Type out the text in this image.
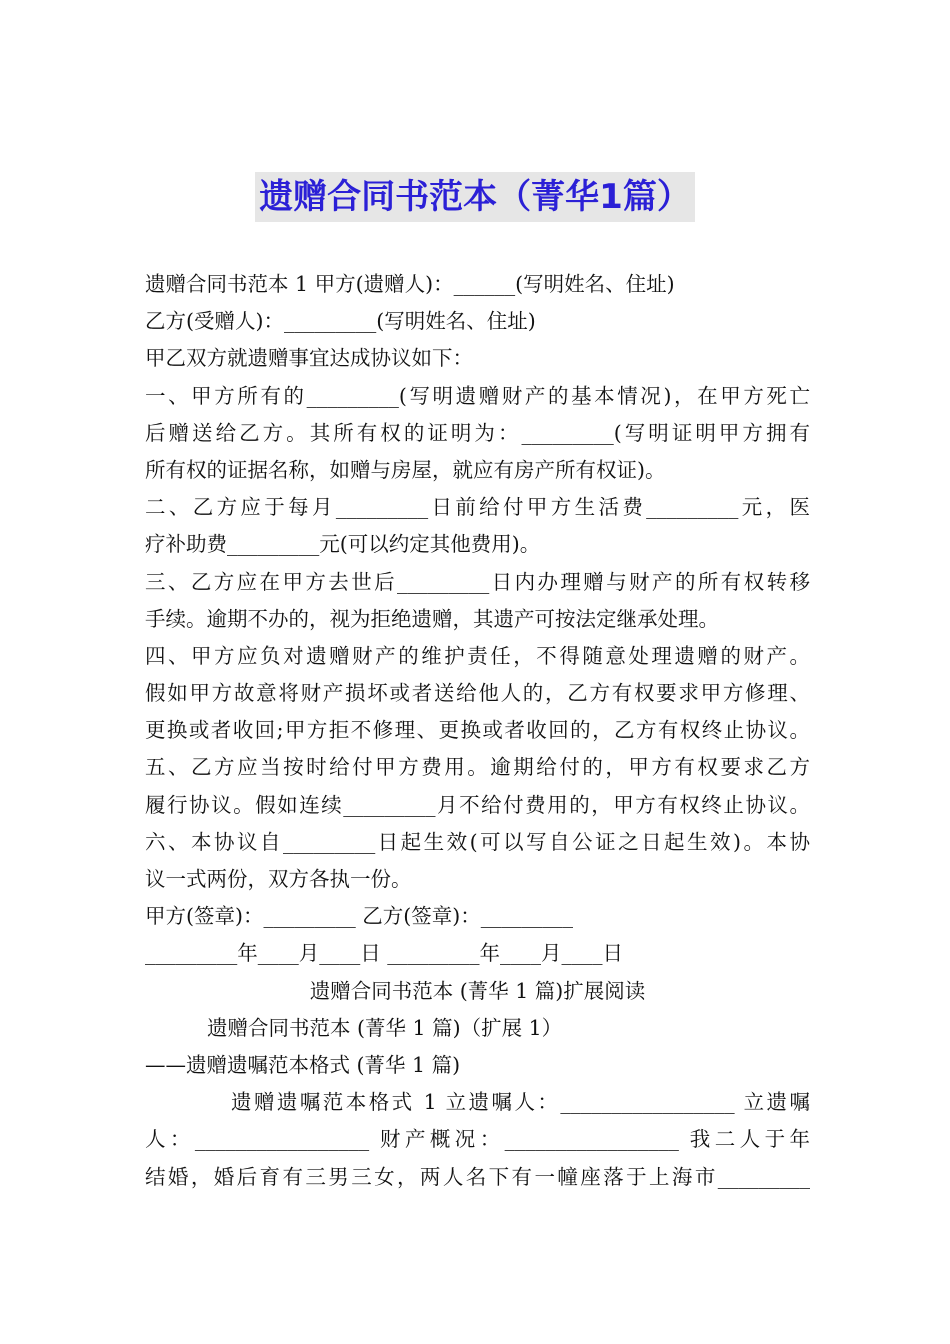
遗赠合同书范本（菁华1篇）
遗赠合同书范本 1 甲方(遗赠人)：______(写明姓名、住址)
乙方(受赠人)：_________(写明姓名、住址)
甲乙双方就遗赠事宜达成协议如下：
一、甲方所有的_________(写明遗赠财产的基本情况)，在甲方死亡
后赠送给乙方。其所有权的证明为：_________(写明证明甲方拥有
所有权的证据名称，如赠与房屋，就应有房产所有权证)。
二、乙方应于每月_________日前给付甲方生活费_________元，医
疗补助费_________元(可以约定其他费用)。
三、乙方应在甲方去世后_________日内办理赠与财产的所有权转移
手续。逾期不办的，视为拒绝遗赠，其遗产可按法定继承处理。
四、甲方应负对遗赠财产的维护责任，不得随意处理遗赠的财产。
假如甲方故意将财产损坏或者送给他人的，乙方有权要求甲方修理、
更换或者收回;甲方拒不修理、更换或者收回的，乙方有权终止协议。
五、乙方应当按时给付甲方费用。逾期给付的，甲方有权要求乙方
履行协议。假如连续_________月不给付费用的，甲方有权终止协议。
六、本协议自_________日起生效(可以写自公证之日起生效)。本协
议一式两份，双方各执一份。
甲方(签章)：_________ 乙方(签章)：_________
_________年____月____日 _________年____月____日
遗赠合同书范本 (菁华 1 篇)扩展阅读
遗赠合同书范本 (菁华 1 篇)（扩展 1）
——遗赠遗嘱范本格式 (菁华 1 篇)
遗赠遗嘱范本格式 1 立遗嘱人：_________________ 立遗嘱
人：_________________ 财产概况：_________________ 我二人于年
结婚，婚后育有三男三女，两人名下有一幢座落于上海市_________
